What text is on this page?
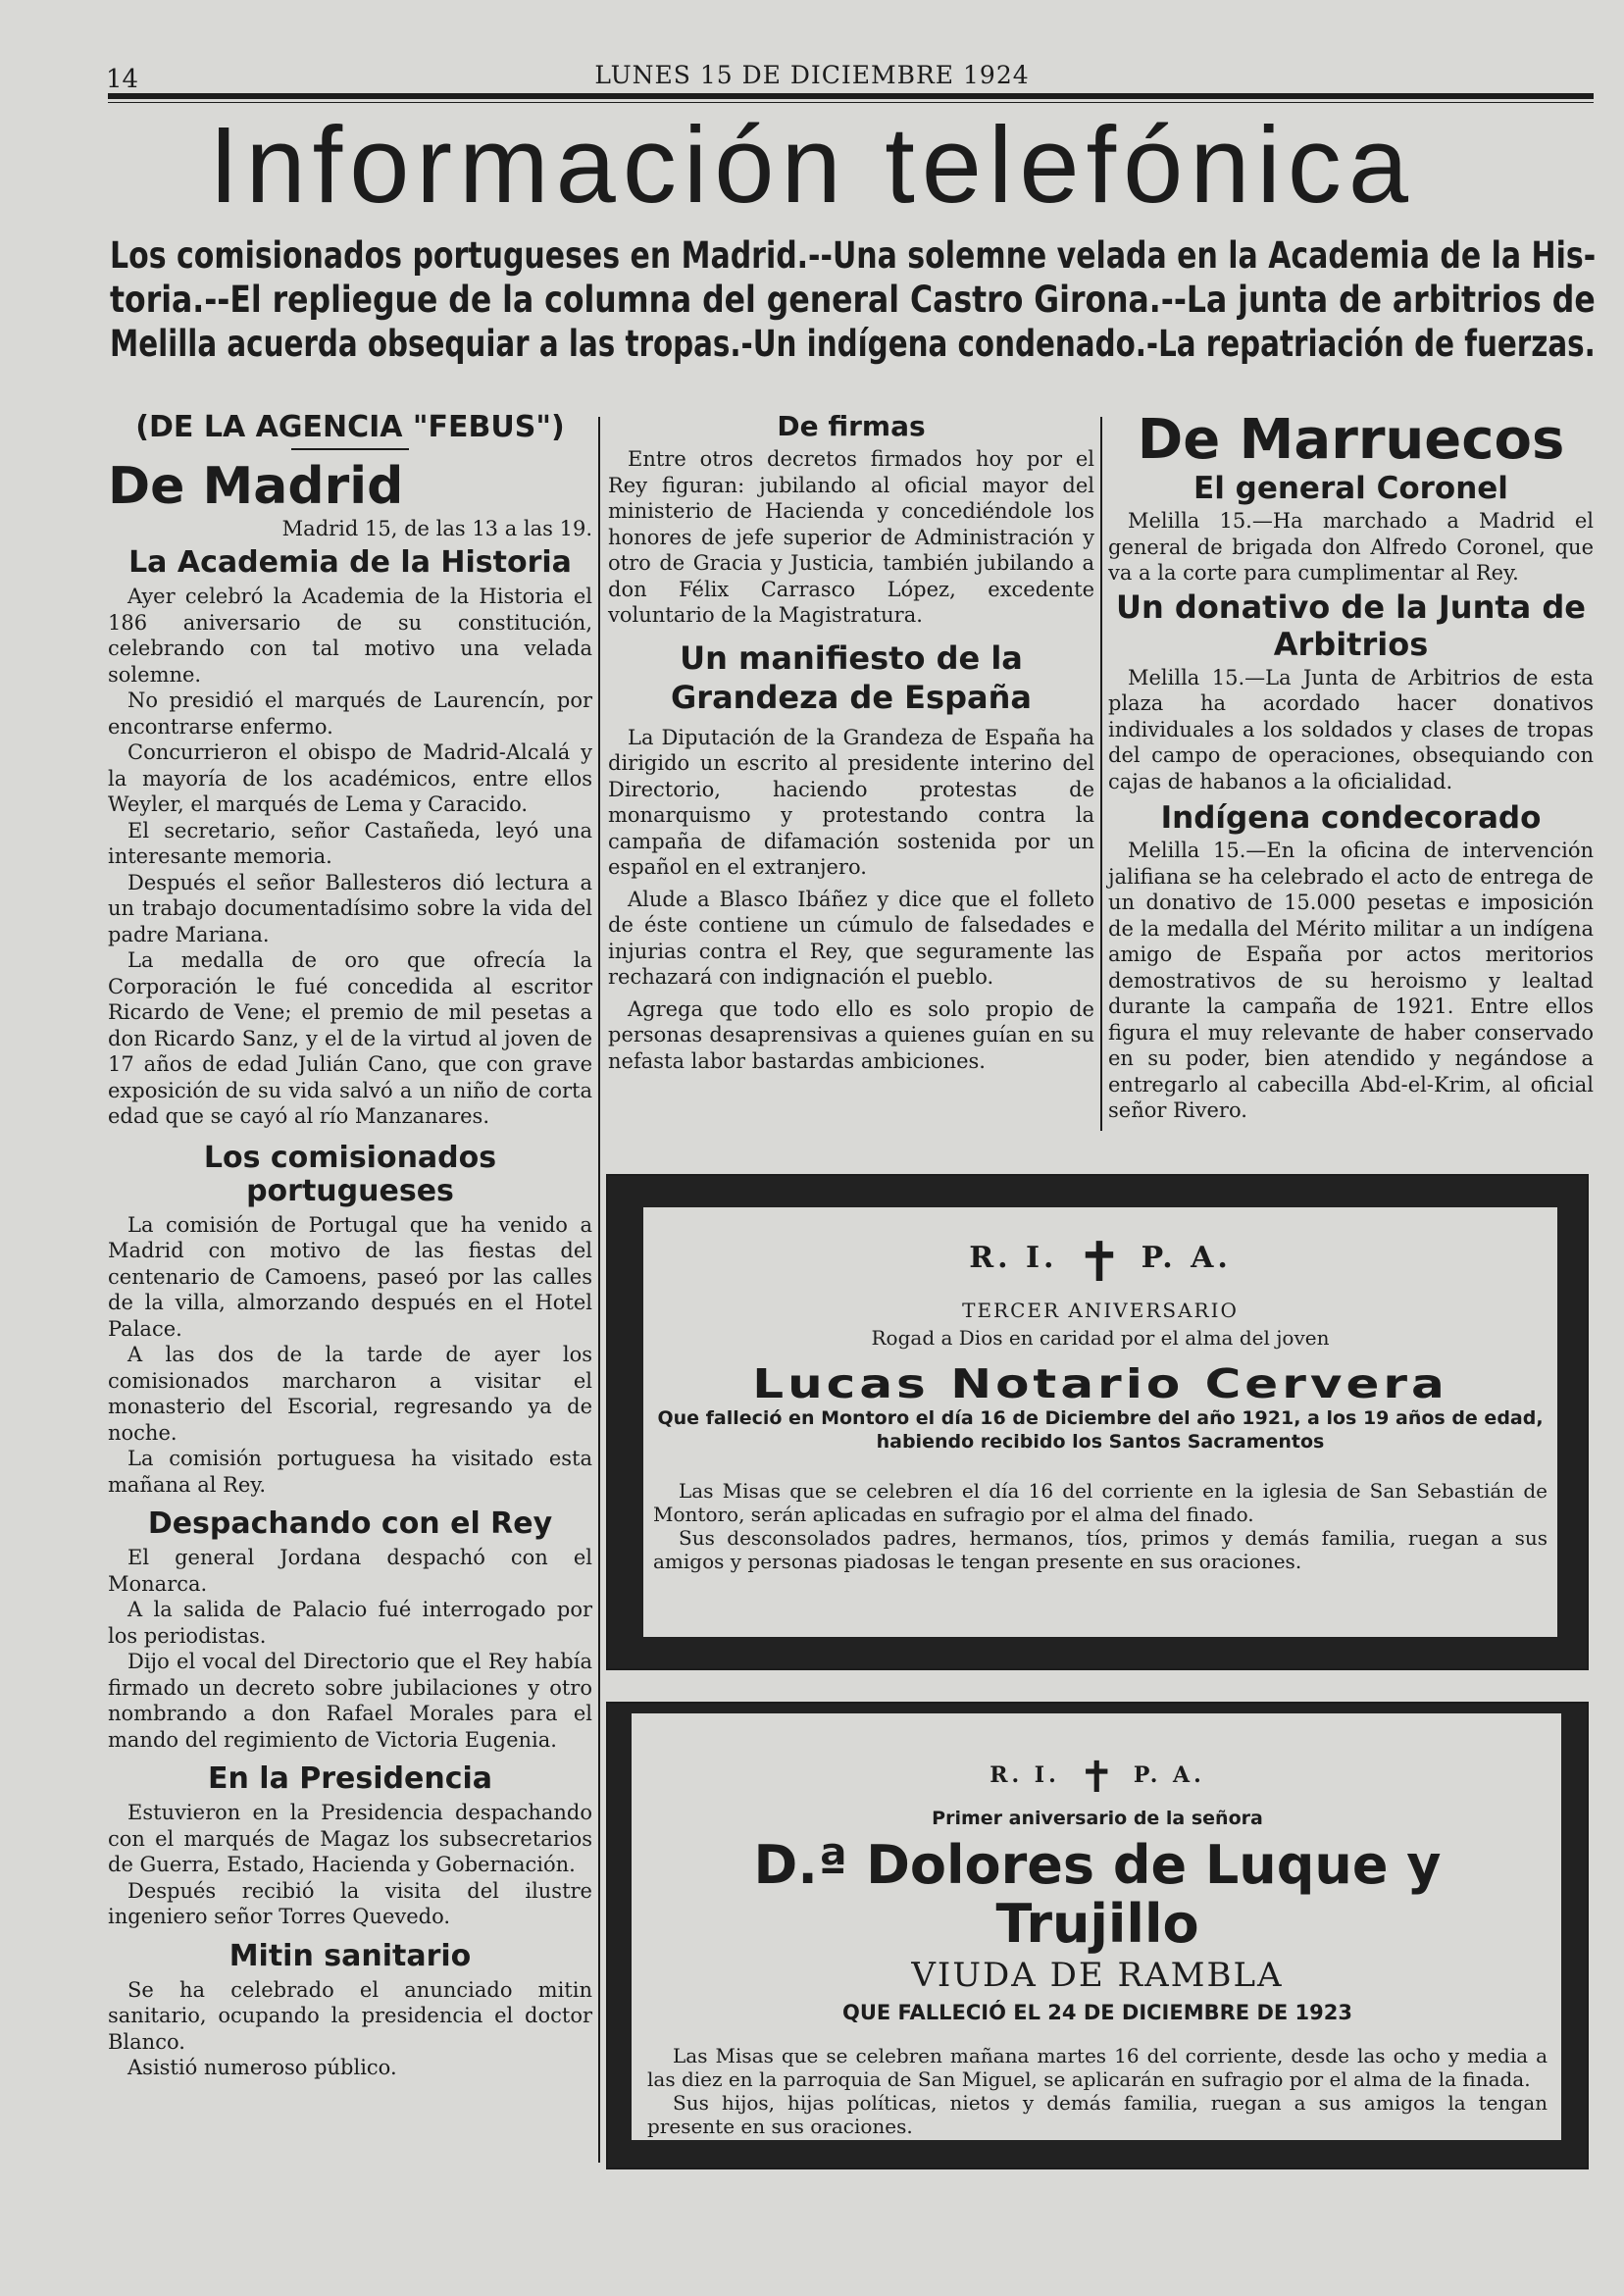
14	LUNES 15 DE DICIEMBRE 1924
Información telefónica
Los comisionados portugueses en Madrid.--Una solemne velada en la Academia de la His-
toria.--El repliegue de la columna del general Castro Girona.--La junta de arbitrios de
Melilla acuerda obsequiar a las tropas.-Un indígena condenado.-La repatriación de fuerzas.

(DE LA AGENCIA "FEBUS")

De Madrid

Madrid 15, de las 13 a las 19.

La Academia de la Historia

Ayer celebró la Academia de la Historia el 186 aniversario de su constitución, celebrando con tal motivo una velada solemne.

No presidió el marqués de Laurencín, por encontrarse enfermo.

Concurrieron el obispo de Madrid-Alcalá y la mayoría de los académicos, entre ellos Weyler, el marqués de Lema y Caracido.

El secretario, señor Castañeda, leyó una interesante memoria.

Después el señor Ballesteros dió lectura a un trabajo documentadísimo sobre la vida del padre Mariana.

La medalla de oro que ofrecía la Corporación le fué concedida al escritor Ricardo de Vene; el premio de mil pesetas a don Ricardo Sanz, y el de la virtud al joven de 17 años de edad Julián Cano, que con grave exposición de su vida salvó a un niño de corta edad que se cayó al río Manzanares.

Los comisionados portugueses

La comisión de Portugal que ha venido a Madrid con motivo de las fiestas del centenario de Camoens, paseó por las calles de la villa, almorzando después en el Hotel Palace.

A las dos de la tarde de ayer los comisionados marcharon a visitar el monasterio del Escorial, regresando ya de noche.

La comisión portuguesa ha visitado esta mañana al Rey.

Despachando con el Rey

El general Jordana despachó con el Monarca.

A la salida de Palacio fué interrogado por los periodistas.

Dijo el vocal del Directorio que el Rey había firmado un decreto sobre jubilaciones y otro nombrando a don Rafael Morales para el mando del regimiento de Victoria Eugenia.

En la Presidencia

Estuvieron en la Presidencia despachando con el marqués de Magaz los subsecretarios de Guerra, Estado, Hacienda y Gobernación.

Después recibió la visita del ilustre ingeniero señor Torres Quevedo.

Mitin sanitario

Se ha celebrado el anunciado mitin sanitario, ocupando la presidencia el doctor Blanco.

Asistió numeroso público.

De firmas

Entre otros decretos firmados hoy por el Rey figuran: jubilando al oficial mayor del ministerio de Hacienda y concediéndole los honores de jefe superior de Administración y otro de Gracia y Justicia, también jubilando a don Félix Carrasco López, excedente voluntario de la Magistratura.

Un manifiesto de la Grandeza de España

La Diputación de la Grandeza de España ha dirigido un escrito al presidente interino del Directorio, haciendo protestas de monarquismo y protestando contra la campaña de difamación sostenida por un español en el extranjero.

Alude a Blasco Ibáñez y dice que el folleto de éste contiene un cúmulo de falsedades e injurias contra el Rey, que seguramente las rechazará con indignación el pueblo.

Agrega que todo ello es solo propio de personas desaprensivas a quienes guían en su nefasta labor bastardas ambiciones.

De Marruecos

El general Coronel

Melilla 15.—Ha marchado a Madrid el general de brigada don Alfredo Coronel, que va a la corte para cumplimentar al Rey.

Un donativo de la Junta de Arbitrios

Melilla 15.—La Junta de Arbitrios de esta plaza ha acordado hacer donativos individuales a los soldados y clases de tropas del campo de operaciones, obsequiando con cajas de habanos a la oficialidad.

Indígena condecorado

Melilla 15.—En la oficina de intervención jalifiana se ha celebrado el acto de entrega de un donativo de 15.000 pesetas e imposición de la medalla del Mérito militar a un indígena amigo de España por actos meritorios demostrativos de su heroismo y lealtad durante la campaña de 1921. Entre ellos figura el muy relevante de haber conservado en su poder, bien atendido y negándose a entregarlo al cabecilla Abd-el-Krim, al oficial señor Rivero.

R. I. ✝ P. A.

TERCER ANIVERSARIO

Rogad a Dios en caridad por el alma del joven

Lucas Notario Cervera

Que falleció en Montoro el día 16 de Diciembre del año 1921, a los 19 años de edad, habiendo recibido los Santos Sacramentos

Las Misas que se celebren el día 16 del corriente en la iglesia de San Sebastián de Montoro, serán aplicadas en sufragio por el alma del finado.

Sus desconsolados padres, hermanos, tíos, primos y demás familia, ruegan a sus amigos y personas piadosas le tengan presente en sus oraciones.

R. I. ✝ P. A.

Primer aniversario de la señora

D.ª Dolores de Luque y Trujillo

VIUDA DE RAMBLA

QUE FALLECIÓ EL 24 DE DICIEMBRE DE 1923

Las Misas que se celebren mañana martes 16 del corriente, desde las ocho y media a las diez en la parroquia de San Miguel, se aplicarán en sufragio por el alma de la finada.

Sus hijos, hijas políticas, nietos y demás familia, ruegan a sus amigos la tengan presente en sus oraciones.
